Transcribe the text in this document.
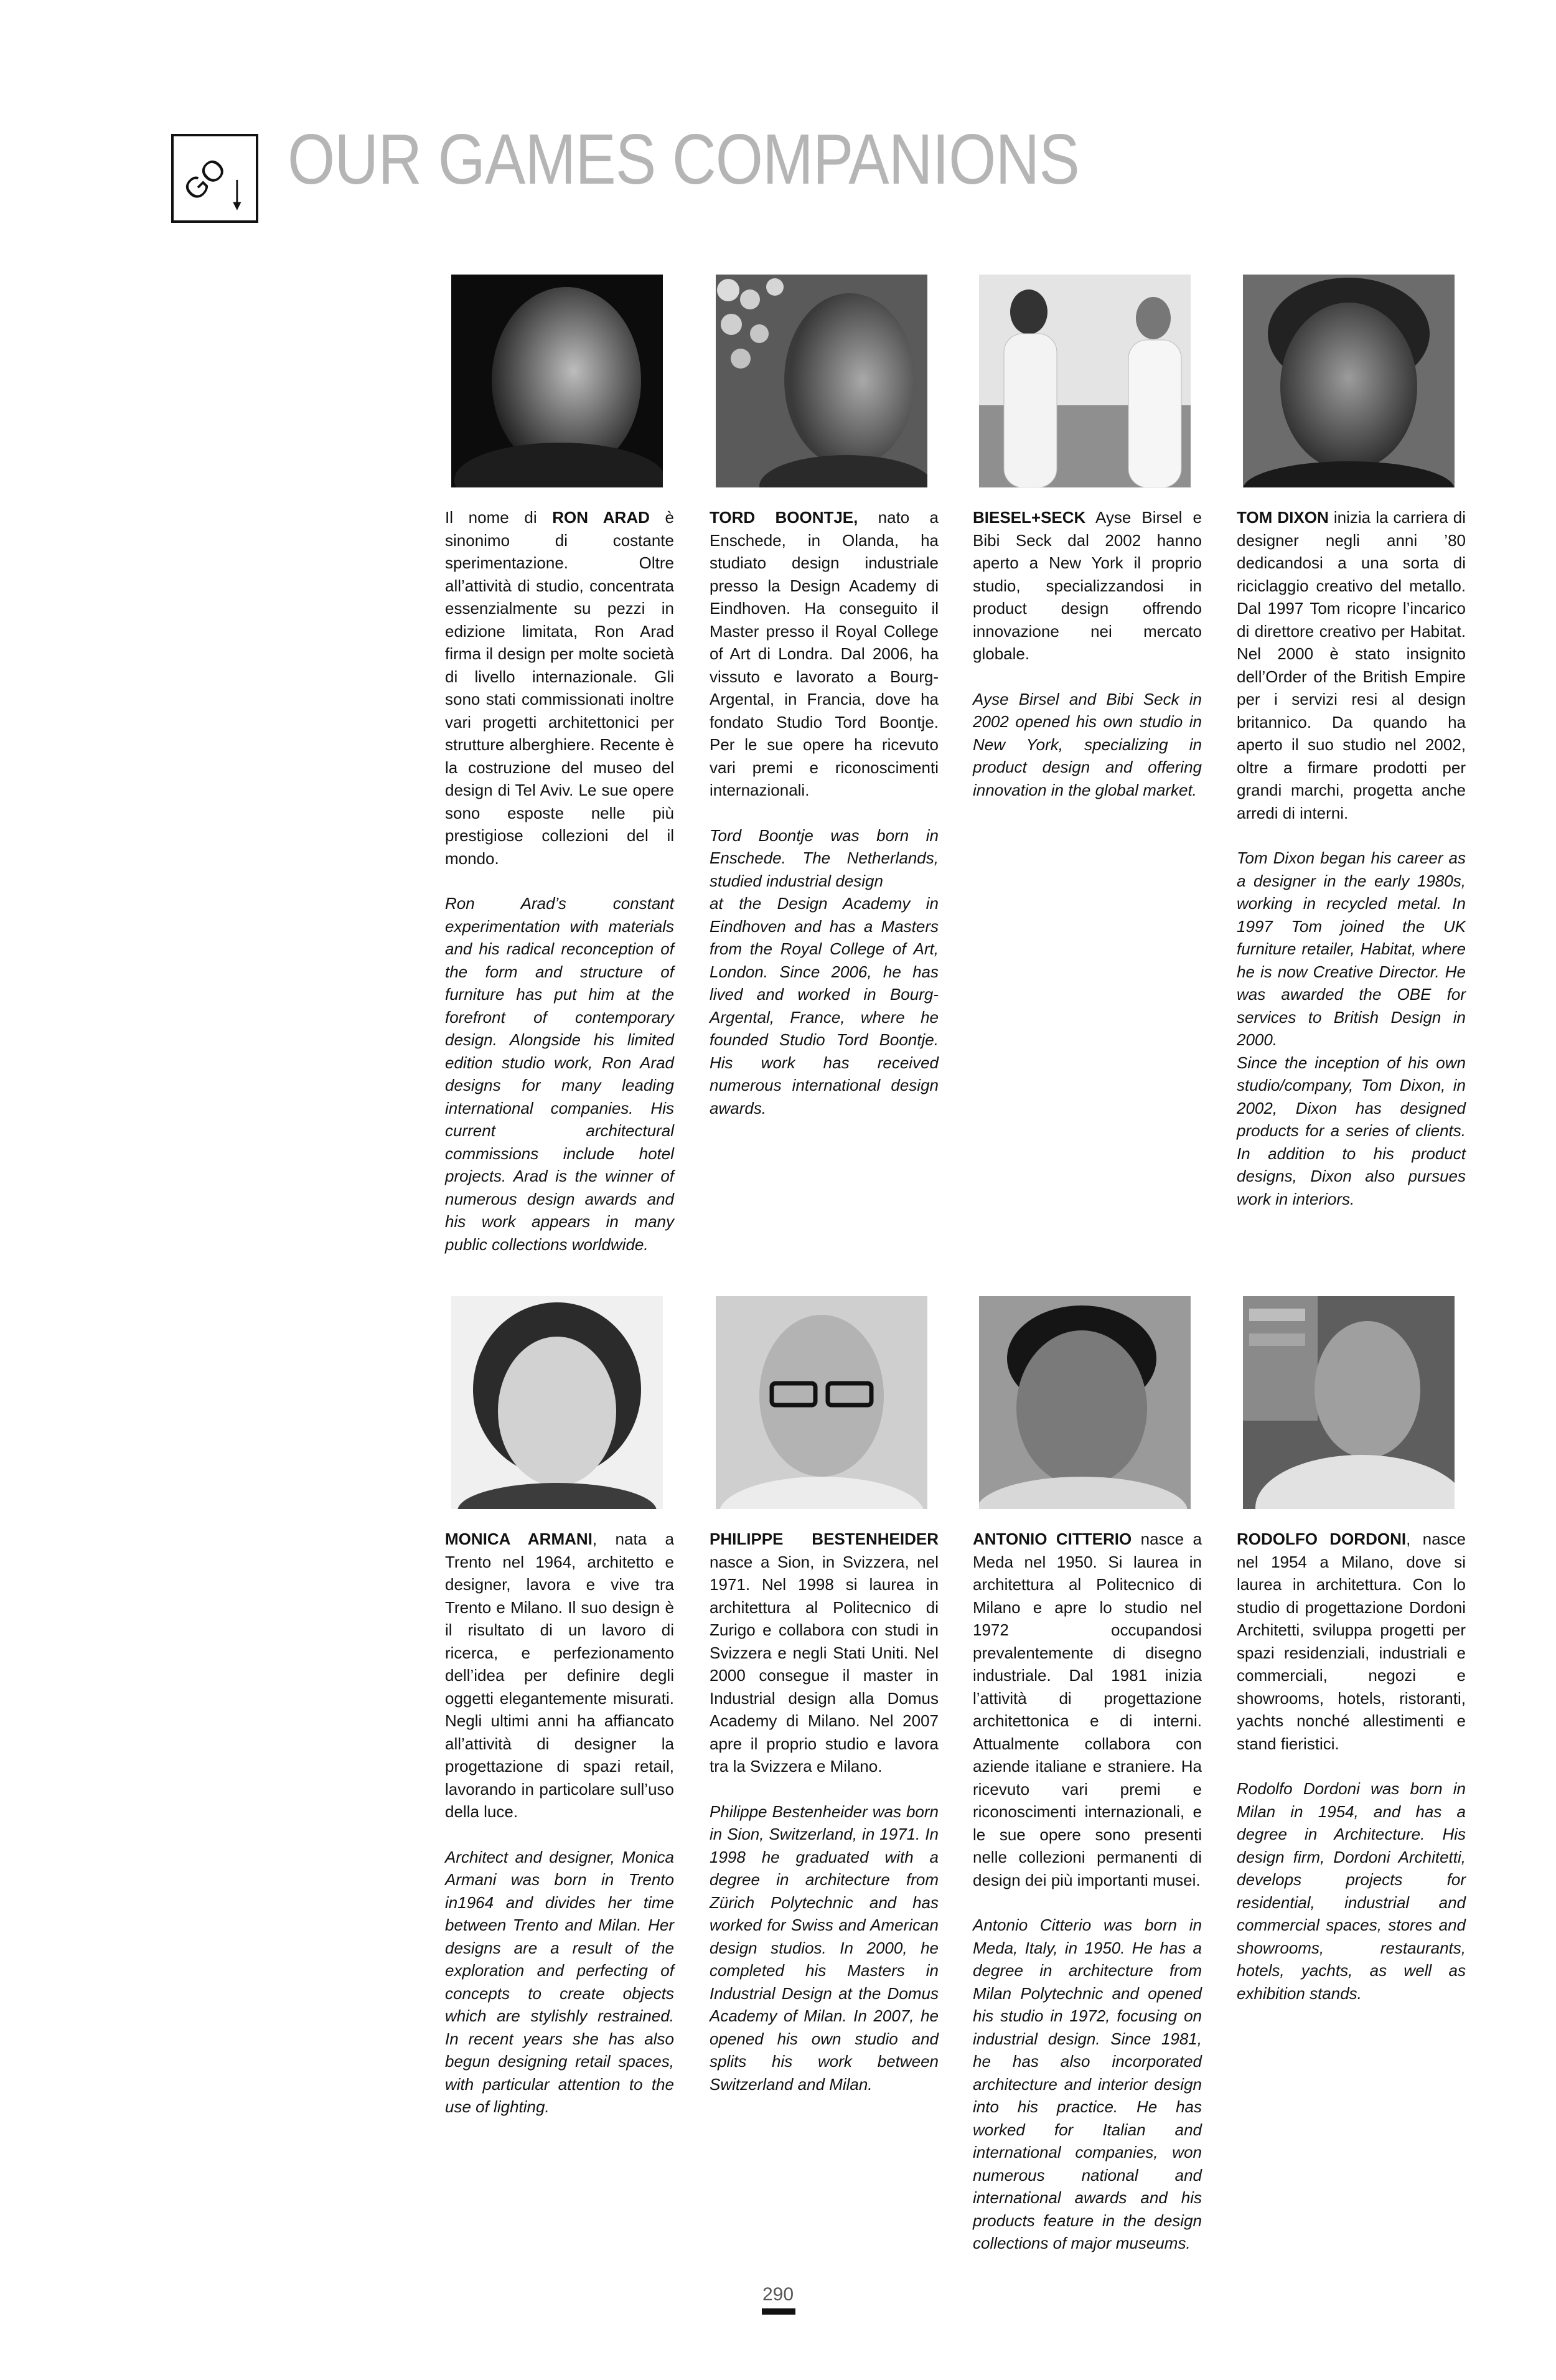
GO OUR GAMES COMPANIONS

Il nome di RON ARAD è sinonimo di costante sperimentazione. Oltre all’attività di studio, concentrata essenzialmente su pezzi in edizione limitata, Ron Arad firma il design per molte società di livello internazionale. Gli sono stati commissionati inoltre vari progetti architettonici per strutture alberghiere. Recente è la costruzione del museo del design di Tel Aviv. Le sue opere sono esposte nelle più prestigiose collezioni del il mondo.

Ron Arad’s constant experimentation with materials and his radical reconception of the form and structure of furniture has put him at the forefront of contemporary design. Alongside his limited edition studio work, Ron Arad designs for many leading international companies. His current architectural commissions include hotel projects. Arad is the winner of numerous design awards and his work appears in many public collections worldwide.

TORD BOONTJE, nato a Enschede, in Olanda, ha studiato design industriale presso la Design Academy di Eindhoven. Ha conseguito il Master presso il Royal College of Art di Londra. Dal 2006, ha vissuto e lavorato a Bourg-Argental, in Francia, dove ha fondato Studio Tord Boontje. Per le sue opere ha ricevuto vari premi e riconoscimenti internazionali.

Tord Boontje was born in Enschede. The Netherlands, studied industrial design
at the Design Academy in Eindhoven and has a Masters from the Royal College of Art, London. Since 2006, he has lived and worked in Bourg-Argental, France, where he founded Studio Tord Boontje. His work has received numerous international design awards.

BIESEL+SECK Ayse Birsel e Bibi Seck dal 2002 hanno aperto a New York il proprio studio, specializzandosi in product design offrendo innovazione nei mercato globale.

Ayse Birsel and Bibi Seck in 2002 opened his own studio in New York, specializing in product design and offering innovation in the global market.

TOM DIXON inizia la carriera di designer negli anni ’80 dedicandosi a una sorta di riciclaggio creativo del metallo. Dal 1997 Tom ricopre l’incarico di direttore creativo per Habitat. Nel 2000 è stato insignito dell’Order of the British Empire per i servizi resi al design britannico. Da quando ha aperto il suo studio nel 2002, oltre a firmare prodotti per grandi marchi, progetta anche arredi di interni.

Tom Dixon began his career as a designer in the early 1980s, working in recycled metal. In 1997 Tom joined the UK furniture retailer, Habitat, where he is now Creative Director. He was awarded the OBE for services to British Design in 2000.
Since the inception of his own studio/company, Tom Dixon, in 2002, Dixon has designed products for a series of clients. In addition to his product designs, Dixon also pursues work in interiors.

MONICA ARMANI, nata a Trento nel 1964, architetto e designer, lavora e vive tra Trento e Milano. Il suo design è il risultato di un lavoro di ricerca, e perfezionamento dell’idea per definire degli oggetti elegantemente misurati. Negli ultimi anni ha affiancato all’attività di designer la progettazione di spazi retail, lavorando in particolare sull’uso della luce.

Architect and designer, Monica Armani was born in Trento in1964 and divides her time between Trento and Milan. Her designs are a result of the exploration and perfecting of concepts to create objects which are stylishly restrained. In recent years she has also begun designing retail spaces, with particular attention to the use of lighting.

PHILIPPE BESTENHEIDER nasce a Sion, in Svizzera, nel 1971. Nel 1998 si laurea in architettura al Politecnico di Zurigo e collabora con studi in Svizzera e negli Stati Uniti. Nel 2000 consegue il master in Industrial design alla Domus Academy di Milano. Nel 2007 apre il proprio studio e lavora tra la Svizzera e Milano.

Philippe Bestenheider was born in Sion, Switzerland, in 1971. In 1998 he graduated with a degree in architecture from Zürich Polytechnic and has worked for Swiss and American design studios. In 2000, he completed his Masters in Industrial Design at the Domus Academy of Milan. In 2007, he opened his own studio and splits his work between Switzerland and Milan.

ANTONIO CITTERIO nasce a Meda nel 1950. Si laurea in architettura al Politecnico di Milano e apre lo studio nel 1972 occupandosi prevalentemente di disegno industriale. Dal 1981 inizia l’attività di progettazione architettonica e di interni. Attualmente collabora con aziende italiane e straniere. Ha ricevuto vari premi e riconoscimenti internazionali, e le sue opere sono presenti nelle collezioni permanenti di design dei più importanti musei.

Antonio Citterio was born in Meda, Italy, in 1950. He has a degree in architecture from Milan Polytechnic and opened his studio in 1972, focusing on industrial design. Since 1981, he has also incorporated architecture and interior design into his practice. He has worked for Italian and international companies, won numerous national and international awards and his products feature in the design collections of major museums.

RODOLFO DORDONI, nasce nel 1954 a Milano, dove si laurea in architettura. Con lo studio di progettazione Dordoni Architetti, sviluppa progetti per spazi residenziali, industriali e commerciali, negozi e showrooms, hotels, ristoranti, yachts nonché allestimenti e stand fieristici.

Rodolfo Dordoni was born in Milan in 1954, and has a degree in Architecture. His design firm, Dordoni Architetti, develops projects for residential, industrial and commercial spaces, stores and showrooms, restaurants, hotels, yachts, as well as exhibition stands.

290
